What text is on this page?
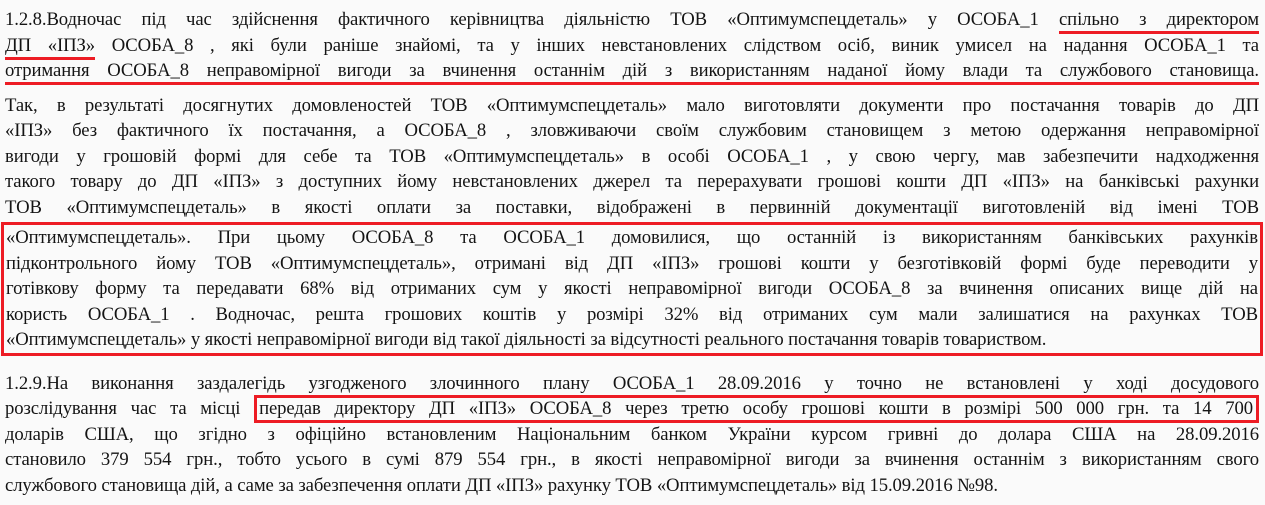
1.2.8.Водночас під час здійснення фактичного керівництва діяльністю ТОВ «Оптимумспецдеталь» у ОСОБА_1 спільно з директором
ДП «ІПЗ» ОСОБА_8 , які були раніше знайомі, та у інших невстановлених слідством осіб, виник умисел на надання ОСОБА_1 та
отримання ОСОБА_8 неправомірної вигоди за вчинення останнім дій з використанням наданої йому влади та службового становища.
Так, в результаті досягнутих домовленостей ТОВ «Оптимумспецдеталь» мало виготовляти документи про постачання товарів до ДП
«ІПЗ» без фактичного їх постачання, а ОСОБА_8 , зловживаючи своїм службовим становищем з метою одержання неправомірної
вигоди у грошовій формі для себе та ТОВ «Оптимумспецдеталь» в особі ОСОБА_1 , у свою чергу, мав забезпечити надходження
такого товару до ДП «ІПЗ» з доступних йому невстановлених джерел та перерахувати грошові кошти ДП «ІПЗ» на банківські рахунки
ТОВ «Оптимумспецдеталь» в якості оплати за поставки, відображені в первинній документації виготовленій від імені ТОВ
«Оптимумспецдеталь». При цьому ОСОБА_8 та ОСОБА_1 домовилися, що останній із використанням банківських рахунків
підконтрольного йому ТОВ «Оптимумспецдеталь», отримані від ДП «ІПЗ» грошові кошти у безготівковій формі буде переводити у
готівкову форму та передавати 68% від отриманих сум у якості неправомірної вигоди ОСОБА_8 за вчинення описаних вище дій на
користь ОСОБА_1 . Водночас, решта грошових коштів у розмірі 32% від отриманих сум мали залишатися на рахунках ТОВ
«Оптимумспецдеталь» у якості неправомірної вигоди від такої діяльності за відсутності реального постачання товарів товариством.
1.2.9.На виконання заздалегідь узгодженого злочинного плану ОСОБА_1 28.09.2016 у точно не встановлені у ході досудового
розслідування час та місці передав директору ДП «ІПЗ» ОСОБА_8 через третю особу грошові кошти в розмірі 500 000 грн. та 14 700
доларів США, що згідно з офіційно встановленим Національним банком України курсом гривні до долара США на 28.09.2016
становило 379 554 грн., тобто усього в сумі 879 554 грн., в якості неправомірної вигоди за вчинення останнім з використанням свого
службового становища дій, а саме за забезпечення оплати ДП «ІПЗ» рахунку ТОВ «Оптимумспецдеталь» від 15.09.2016 №98.
